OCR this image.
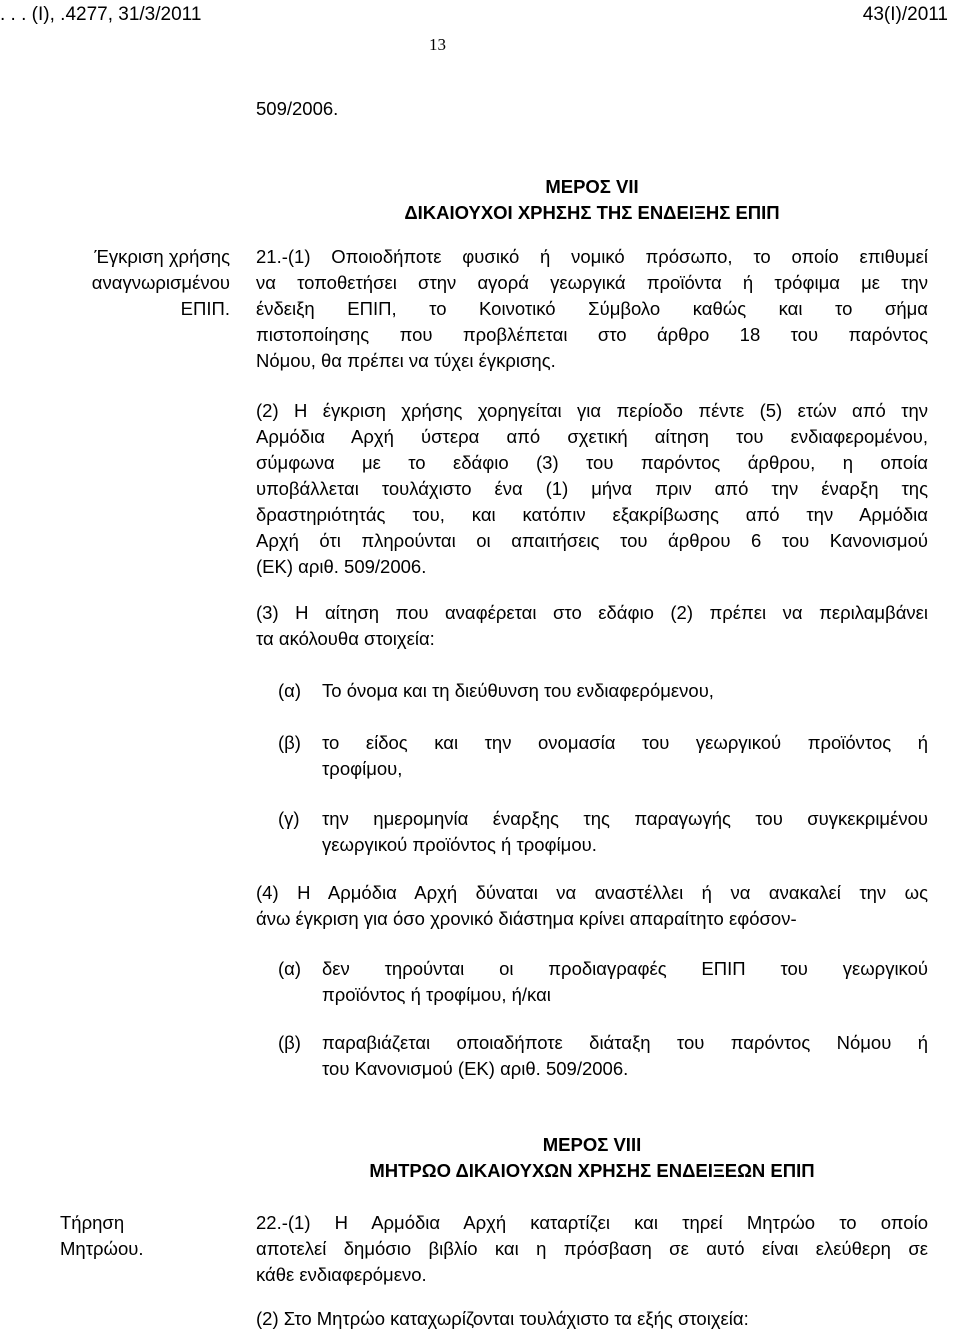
. . . (Ι), .4277, 31/3/2011	43(Ι)/2011
13
509/2006.
ΜΕΡΟΣ VII
ΔΙΚΑΙΟΥΧΟΙ ΧΡΗΣΗΣ ΤΗΣ ΕΝΔΕΙΞΗΣ ΕΠΙΠ
Έγκριση χρήσης
αναγνωρισμένου
ΕΠΙΠ.
21.-(1) Οποιοδήποτε φυσικό ή νομικό πρόσωπο, το οποίο επιθυμεί
να τοποθετήσει στην αγορά γεωργικά προϊόντα ή τρόφιμα με την
ένδειξη ΕΠΙΠ, το Κοινοτικό Σύμβολο καθώς και το σήμα
πιστοποίησης που προβλέπεται στο άρθρο 18 του παρόντος
Νόμου, θα πρέπει να τύχει έγκρισης.
(2) Η έγκριση χρήσης χορηγείται για περίοδο πέντε (5) ετών από την
Αρμόδια Αρχή ύστερα από σχετική αίτηση του ενδιαφερομένου,
σύμφωνα με το εδάφιο (3) του παρόντος άρθρου, η οποία
υποβάλλεται τουλάχιστο ένα (1) μήνα πριν από την έναρξη της
δραστηριότητάς του, και κατόπιν εξακρίβωσης από την Αρμόδια
Αρχή ότι πληρούνται οι απαιτήσεις του άρθρου 6 του Κανονισμού
(ΕΚ) αριθ. 509/2006.
(3) Η αίτηση που αναφέρεται στο εδάφιο (2) πρέπει να περιλαμβάνει
τα ακόλουθα στοιχεία:
(α) Το όνομα και τη διεύθυνση του ενδιαφερόμενου,
(β) το είδος και την ονομασία του γεωργικού προϊόντος ή
τροφίμου,
(γ) την ημερομηνία έναρξης της παραγωγής του συγκεκριμένου
γεωργικού προϊόντος ή τροφίμου.
(4) Η Αρμόδια Αρχή δύναται να αναστέλλει ή να ανακαλεί την ως
άνω έγκριση για όσο χρονικό διάστημα κρίνει απαραίτητο εφόσον-
(α) δεν τηρούνται οι προδιαγραφές ΕΠΙΠ του γεωργικού
προϊόντος ή τροφίμου, ή/και
(β) παραβιάζεται οποιαδήποτε διάταξη του παρόντος Νόμου ή
του Κανονισμού (ΕΚ) αριθ. 509/2006.
ΜΕΡΟΣ VIII
ΜΗΤΡΩΟ ΔΙΚΑΙΟΥΧΩΝ ΧΡΗΣΗΣ ΕΝΔΕΙΞΕΩΝ ΕΠΙΠ
Τήρηση
Μητρώου.
22.-(1) Η Αρμόδια Αρχή καταρτίζει και τηρεί Μητρώο το οποίο
αποτελεί δημόσιο βιβλίο και η πρόσβαση σε αυτό είναι ελεύθερη σε
κάθε ενδιαφερόμενο.
(2) Στο Μητρώο καταχωρίζονται τουλάχιστο τα εξής στοιχεία:
